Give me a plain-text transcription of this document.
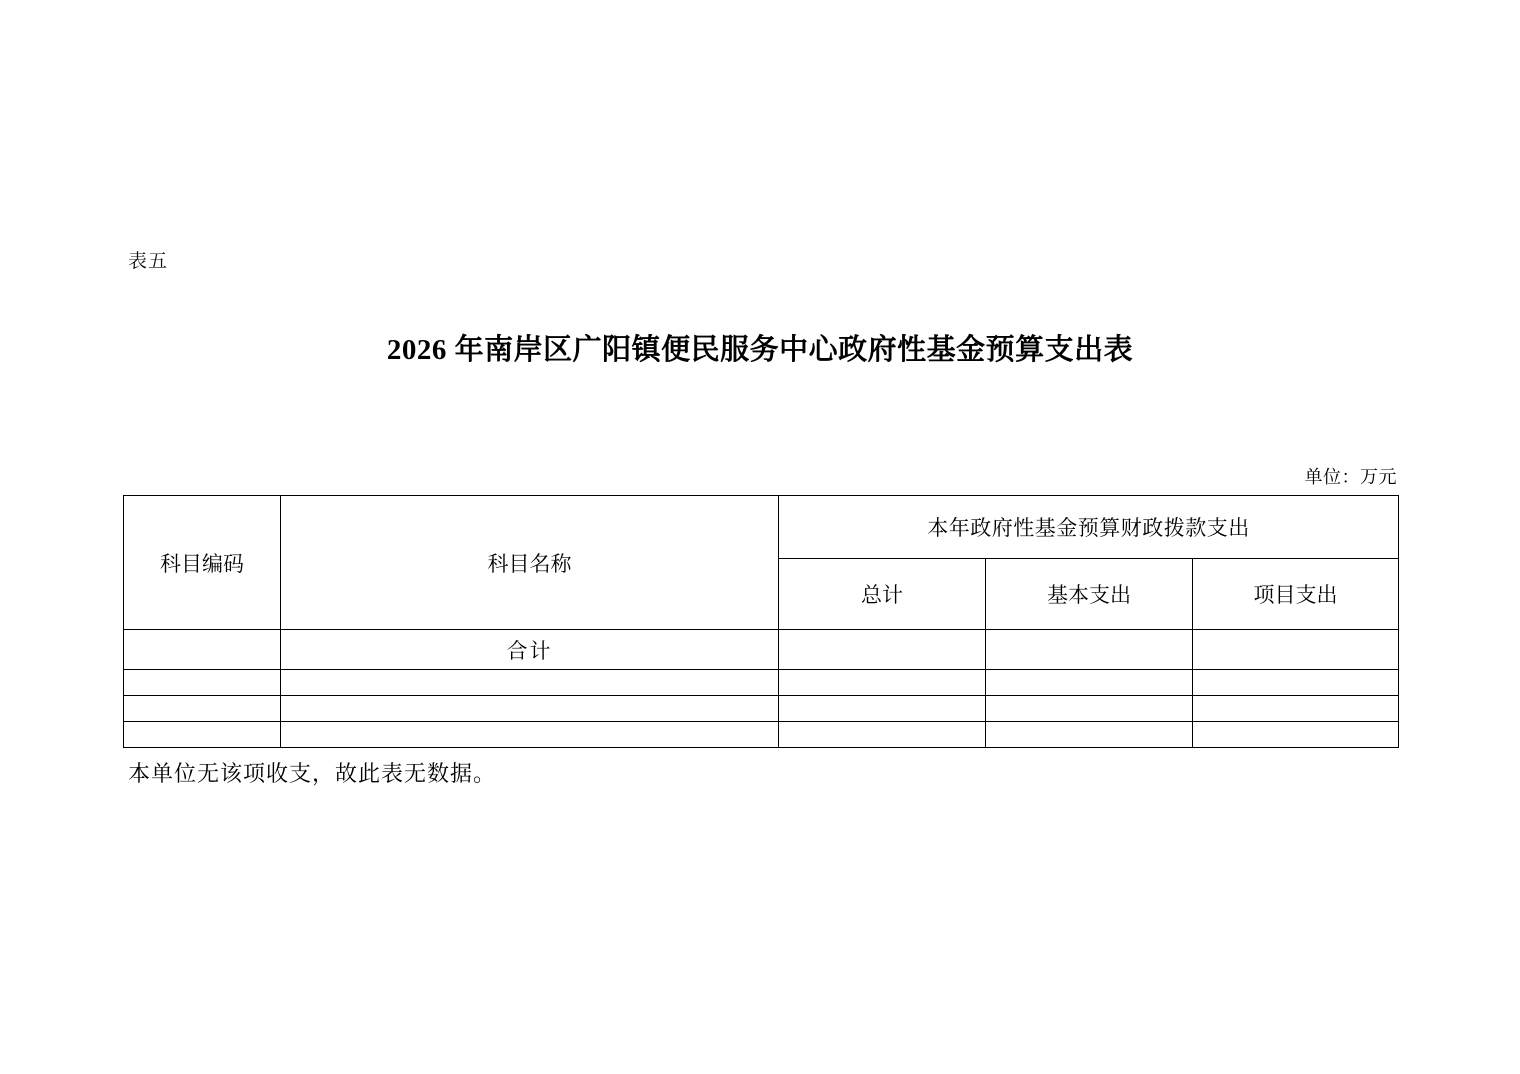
表五
2026 年南岸区广阳镇便民服务中心政府性基金预算支出表
单位：万元
科目编码	科目名称	本年政府性基金预算财政拨款支出		
		总计	基本支出	项目支出
	合计			

本单位无该项收支，故此表无数据。
